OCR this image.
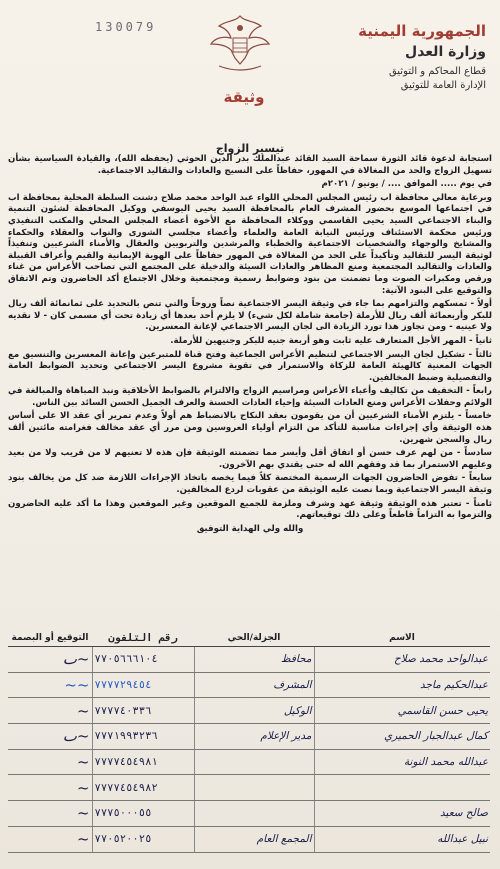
130079
وثيقة
الجمهورية اليمنية
وزارة العدل
قطاع المحاكم و التوثيق
الإدارة العامة للتوثيق
تيسير الزواج

استجابة لدعوة قائد الثورة سماحة السيد القائد عبدالملك بدر الدين الحوثي (يحفظه الله)، والقيادة السياسية بشأن تسهيل الزواج والحد من المغالاة في المهور، حفاظاً على النسيج والعادات والتقاليد الاجتماعية.

في يوم ..... الموافق .... / يونيو / ٢٠٢١م

وبرعاية معالي محافظة اب رئيس المجلس المحلي اللواء عبد الواحد محمد صلاح دشنت السلطة المحلية بمحافظة اب في اجتماعها الموسع بحضور المشرف العام بالمحافظة السيد يحيى اليوسفي ووكيل المحافظة لشئون التنمية والبناء الاجتماعي السيد يحيى القاسمي ووكلاء المحافظة مع الأخوة أعضاء المجلس المحلي والمكتب التنفيذي ورئيس محكمة الاستئناف ورئيس النيابة العامة والعلماء وأعضاء مجلسي الشورى والنواب والعقلاء والحكماء والمشايخ والوجهاء والشخصيات الاجتماعية والخطباء والمرشدين والتربويين والعقال والأمناء الشرعيين وتنفيذاً لوثيقة اليسر للتقاليد وتأكيداً على الحد من المغالاة في المهور حفاظاً على الهوية الإيمانية والقيم وأعراف القبيلة والعادات والتقاليد المجتمعية ومنع المظاهر والعادات السيئة والدخيلة على المجتمع التي تصاحب الأعراس من غناء ورقص ومكبرات الصوت وما تضمنت من بنود وضوابط رسمية ومجتمعية وخلال الاجتماع أكد الحاضرون وتم الاتفاق والتوقيع على البنود الآتية:

أولاً - تمسكهم والتزامهم بما جاء في وثيقة اليسر الاجتماعية نصاً وروحاً والتي تنص بالتحديد على ثمانمائة ألف ريال للبكر وأربعمائة ألف ريال للأرملة (جامعة شاملة لكل شيء) لا يلزم أحد بعدها أي زيادة تحت أي مسمى كان - لا نقديه ولا عينيه - ومن تجاوز هذا تورد الزيادة الى لجان اليسر الاجتماعي لإعانة المعسرين.

ثانياً - المهر الأجل المتعارف عليه ثابت وهو أربعة جنيه للبكر وجنيهين للأرملة.

ثالثاً - تشكيل لجان اليسر الاجتماعي لتنظيم الأعراس الجماعية وفتح قناة للمتبرعين وإعانة المعسرين والتنسيق مع الجهات المعنية كالهيئة العامة للزكاة والاستمرار في تقوية مشروع اليسر الاجتماعي وتحديد الضوابط العامة والتفصيلية وضبط المخالفين.

رابعاً - التخفيف من تكاليف وأعباء الأعراس ومراسيم الزواج والالتزام بالضوابط الأخلاقية ونبذ المباهاة والمبالغة في الولائم وحفلات الأعراس ومنع العادات السيئة وإحياء العادات الحسنة والعرف الجميل الحسن السائد بين الناس.

خامساً - يلتزم الأمناء الشرعيين أن من يقومون بعقد النكاح بالانضباط هم أولاً وعدم تمرير أي عقد الا على أساس هذه الوثيقة وأي إجراءات مناسبة للتأكد من التزام أولياء العروسين ومن مرر أي عقد مخالف فغرامته مائتين ألف ريال والسجن شهرين.

سادساً - من لهم عرف حسن أو اتفاق أقل وأيسر مما تضمنته الوثيقة فإن هذه لا تعنيهم لا من قريب ولا من بعيد وعليهم الاستمرار بما قد وفقهم الله له حتى يقتدي بهم الآخرون.

سابعاً - تفوض الحاضرون الجهات الرسمية المختصة كلاً فيما يخصه باتخاذ الإجراءات اللازمة ضد كل من يخالف بنود وثيقة اليسر الاجتماعية وبما نصت عليه الوثيقة من عقوبات لردع المخالفين.

ثامناً - تعتبر هذه الوثيقة وثيقة عهد وشرف وملزمة للجميع الموقعين وغير الموقعين وهذا ما أكد عليه الحاضرون والتزموا به التزاماً قاطعاً وعلى ذلك توقيعاتهم.

والله ولي الهداية التوفيق

الاسم	الجزلة/الحي	رقم التلفون	التوقيع أو البصمة
عبدالواحد محمد صلاح	محافظ	٧٧٠٥٦٦٦١٠٤	~ٮ
عبدالحكيم ماجد	المشرف	٧٧٧٧٢٩٤٥٤	~~
يحيى حسن القاسمي	الوكيل	٧٧٧٧٤٠٣٣٦	~
كمال عبدالجبار الحميري	مدير الإعلام	٧٧٧١٩٩٣٢٣٦	~ٮ
عبدالله محمد النونة		٧٧٧٧٤٥٤٩٨١	~
		٧٧٧٧٤٥٤٩٨٢	~
صالح سعيد		٧٧٧٥٠٠٠٥٥	~
نبيل عبدالله	المجمع العام	٧٧٠٥٢٠٠٢٥	~
